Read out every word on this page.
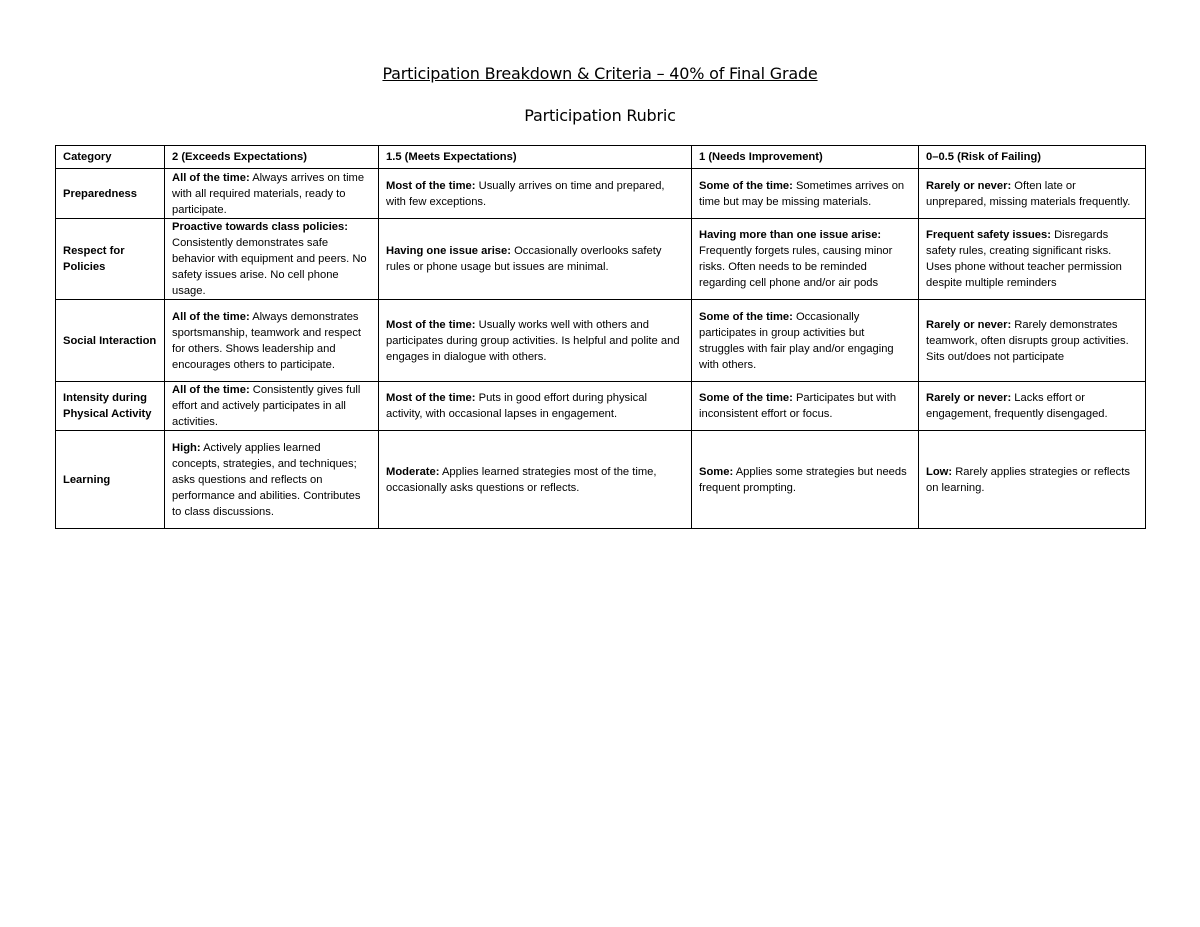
Participation Breakdown & Criteria – 40% of Final Grade
Participation Rubric
Category	2 (Exceeds Expectations)	1.5 (Meets Expectations)	1 (Needs Improvement)	0–0.5 (Risk of Failing)
Preparedness	All of the time: Always arrives on time with all required materials, ready to participate.	Most of the time: Usually arrives on time and prepared, with few exceptions.	Some of the time: Sometimes arrives on time but may be missing materials.	Rarely or never: Often late or unprepared, missing materials frequently.
Respect for Policies	Proactive towards class policies: Consistently demonstrates safe behavior with equipment and peers. No safety issues arise. No cell phone usage.	Having one issue arise: Occasionally overlooks safety rules or phone usage but issues are minimal.	Having more than one issue arise: Frequently forgets rules, causing minor risks. Often needs to be reminded regarding cell phone and/or air pods	Frequent safety issues: Disregards safety rules, creating significant risks. Uses phone without teacher permission despite multiple reminders
Social Interaction	All of the time: Always demonstrates sportsmanship, teamwork and respect for others. Shows leadership and encourages others to participate.	Most of the time: Usually works well with others and participates during group activities. Is helpful and polite and engages in dialogue with others.	Some of the time: Occasionally participates in group activities but struggles with fair play and/or engaging with others.	Rarely or never: Rarely demonstrates teamwork, often disrupts group activities. Sits out/does not participate
Intensity during Physical Activity	All of the time: Consistently gives full effort and actively participates in all activities.	Most of the time: Puts in good effort during physical activity, with occasional lapses in engagement.	Some of the time: Participates but with inconsistent effort or focus.	Rarely or never: Lacks effort or engagement, frequently disengaged.
Learning	High: Actively applies learned concepts, strategies, and techniques; asks questions and reflects on performance and abilities. Contributes to class discussions.	Moderate: Applies learned strategies most of the time, occasionally asks questions or reflects.	Some: Applies some strategies but needs frequent prompting.	Low: Rarely applies strategies or reflects on learning.
